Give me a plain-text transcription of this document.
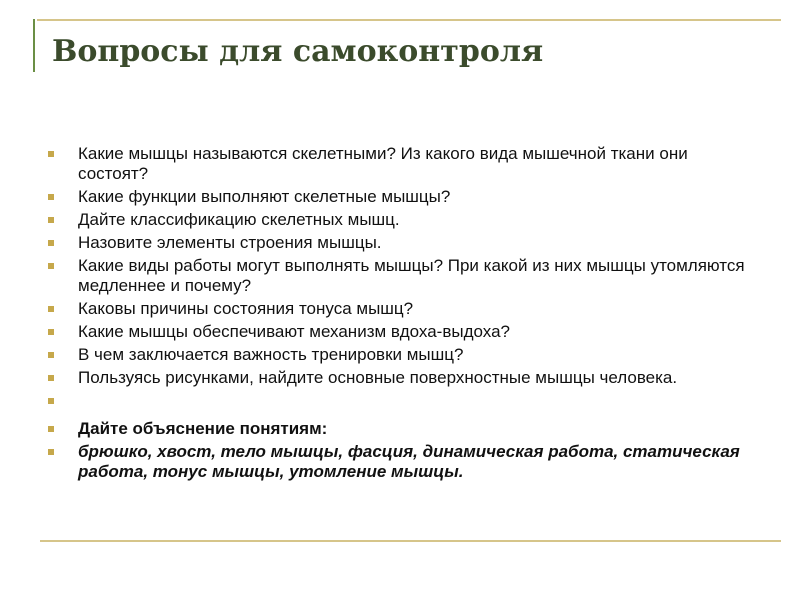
Вопросы для самоконтроля
Какие мышцы называются скелетными? Из какого вида мышечной ткани они состоят?
Какие функции выполняют скелетные мышцы?
Дайте классификацию скелетных мышц.
Назовите элементы строения мышцы.
Какие виды работы могут выполнять мышцы? При какой из них мышцы утомляются медленнее и почему?
Каковы причины состояния тонуса мышц?
Какие мышцы обеспечивают механизм вдоха-выдоха?
В чем заключается важность тренировки мышц?
Пользуясь рисунками, найдите основные поверхностные мышцы человека.
Дайте объяснение понятиям:
брюшко, хвост, тело мышцы, фасция, динамическая работа, статическая работа, тонус мышцы, утомление мышцы.
